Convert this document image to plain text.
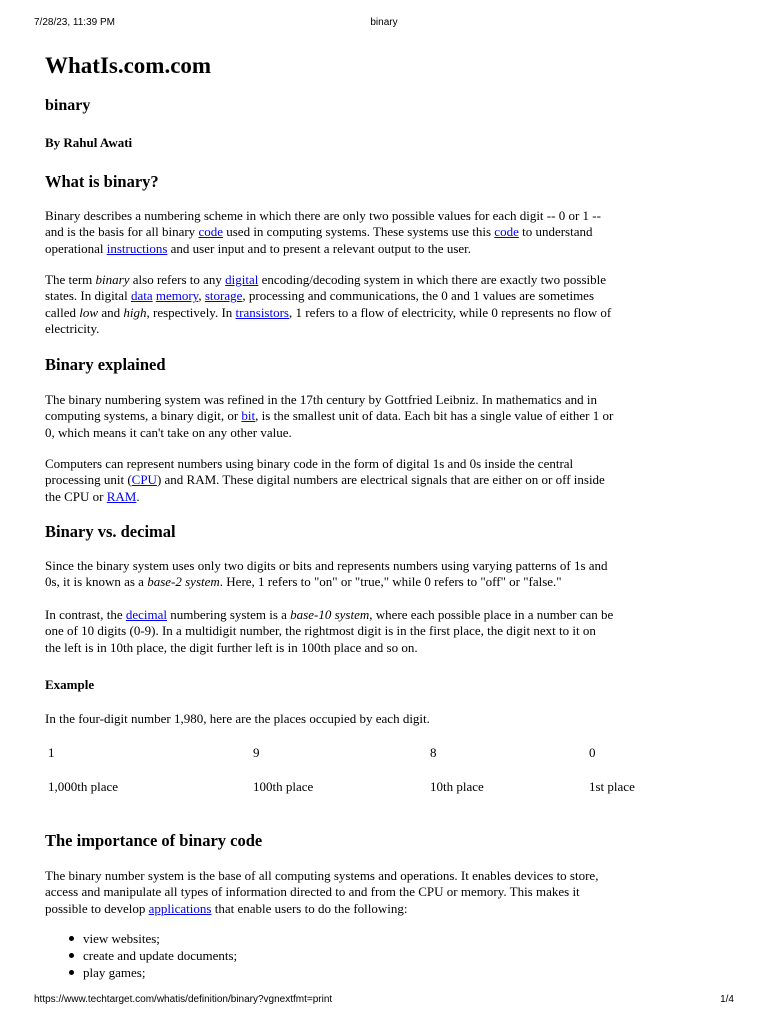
7/28/23, 11:39 PM	binary
WhatIs.com.com
binary
By Rahul Awati
What is binary?
Binary describes a numbering scheme in which there are only two possible values for each digit -- 0 or 1 --
and is the basis for all binary code used in computing systems. These systems use this code to understand
operational instructions and user input and to present a relevant output to the user.
The term binary also refers to any digital encoding/decoding system in which there are exactly two possible
states. In digital data memory, storage, processing and communications, the 0 and 1 values are sometimes
called low and high, respectively. In transistors, 1 refers to a flow of electricity, while 0 represents no flow of
electricity.
Binary explained
The binary numbering system was refined in the 17th century by Gottfried Leibniz. In mathematics and in
computing systems, a binary digit, or bit, is the smallest unit of data. Each bit has a single value of either 1 or
0, which means it can't take on any other value.
Computers can represent numbers using binary code in the form of digital 1s and 0s inside the central
processing unit (CPU) and RAM. These digital numbers are electrical signals that are either on or off inside
the CPU or RAM.
Binary vs. decimal
Since the binary system uses only two digits or bits and represents numbers using varying patterns of 1s and
0s, it is known as a base-2 system. Here, 1 refers to "on" or "true," while 0 refers to "off" or "false."
In contrast, the decimal numbering system is a base-10 system, where each possible place in a number can be
one of 10 digits (0-9). In a multidigit number, the rightmost digit is in the first place, the digit next to it on
the left is in 10th place, the digit further left is in 100th place and so on.
Example
In the four-digit number 1,980, here are the places occupied by each digit.
1	9	8	0
1,000th place	100th place	10th place	1st place
The importance of binary code
The binary number system is the base of all computing systems and operations. It enables devices to store,
access and manipulate all types of information directed to and from the CPU or memory. This makes it
possible to develop applications that enable users to do the following:
view websites;
create and update documents;
play games;
https://www.techtarget.com/whatis/definition/binary?vgnextfmt=print	1/4
